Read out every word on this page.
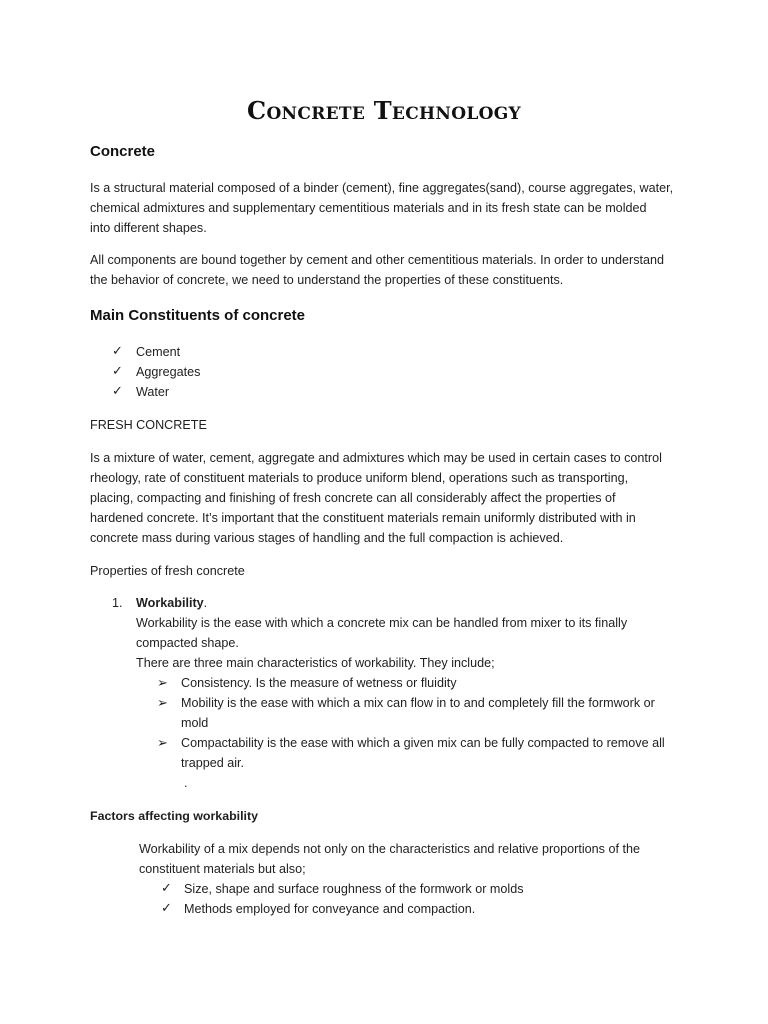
Concrete Technology
Concrete
Is a structural material composed of a binder (cement), fine aggregates(sand), course aggregates, water,
chemical admixtures and supplementary cementitious materials and in its fresh state can be molded
into different shapes.
All components are bound together by cement and other cementitious materials. In order to understand
the behavior of concrete, we need to understand the properties of these constituents.
Main Constituents of concrete
✓ Cement
✓ Aggregates
✓ Water
FRESH CONCRETE
Is a mixture of water, cement, aggregate and admixtures which may be used in certain cases to control
rheology, rate of constituent materials to produce uniform blend, operations such as transporting,
placing, compacting and finishing of fresh concrete can all considerably affect the properties of
hardened concrete. It’s important that the constituent materials remain uniformly distributed with in
concrete mass during various stages of handling and the full compaction is achieved.
Properties of fresh concrete
1. Workability.
Workability is the ease with which a concrete mix can be handled from mixer to its finally
compacted shape.
There are three main characteristics of workability. They include;
➢ Consistency. Is the measure of wetness or fluidity
➢ Mobility is the ease with which a mix can flow in to and completely fill the formwork or
mold
➢ Compactability is the ease with which a given mix can be fully compacted to remove all
trapped air.
.
Factors affecting workability
Workability of a mix depends not only on the characteristics and relative proportions of the
constituent materials but also;
✓ Size, shape and surface roughness of the formwork or molds
✓ Methods employed for conveyance and compaction.
